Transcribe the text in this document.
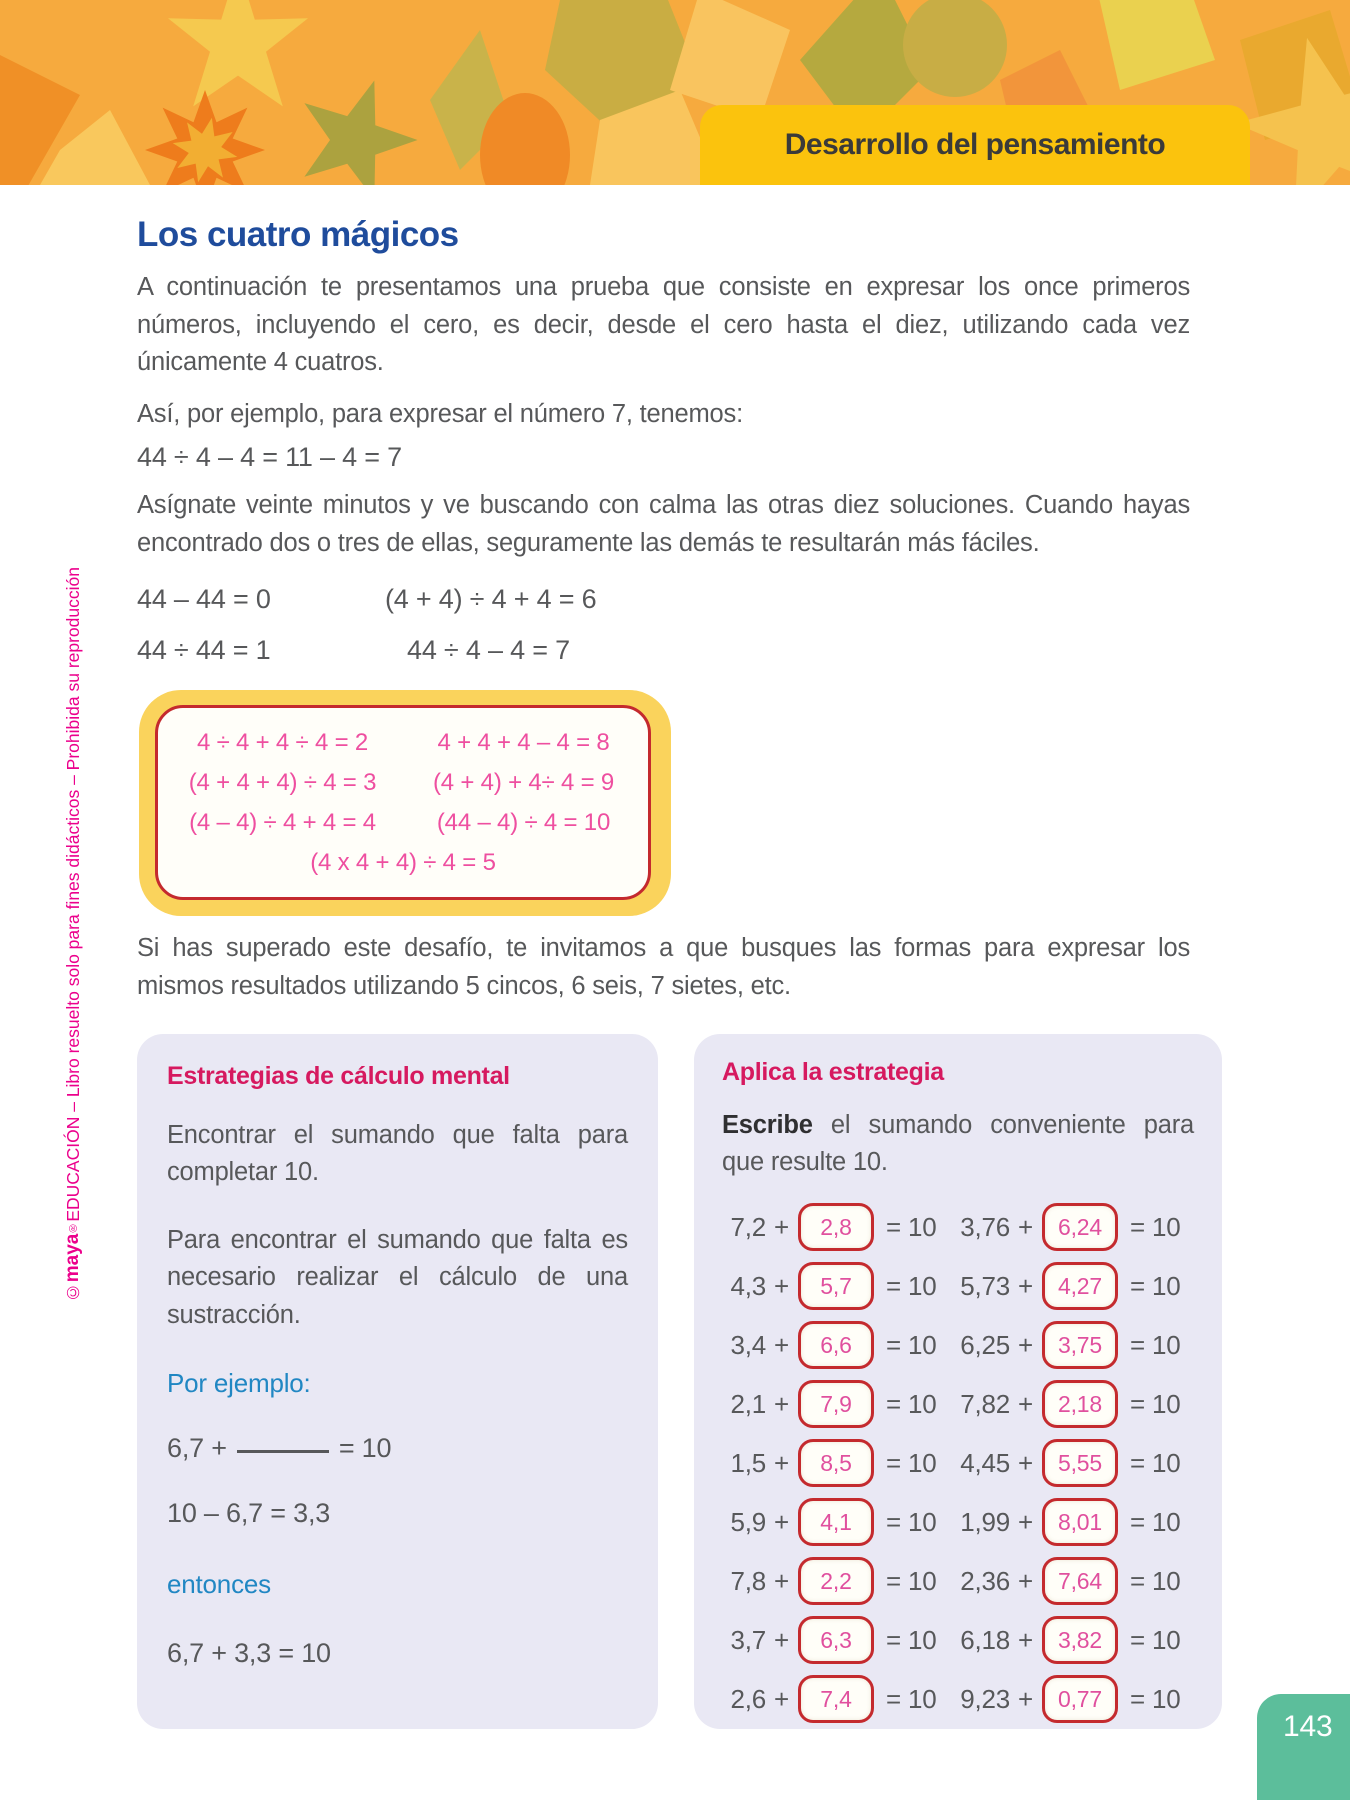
Desarrollo del pensamiento
©maya®EDUCACIÓN – Libro resuelto solo para fines didácticos – Prohibida su reproducción
Los cuatro mágicos
A continuación te presentamos una prueba que consiste en expresar los once primeros números, incluyendo el cero, es decir, desde el cero hasta el diez, utilizando cada vez únicamente 4 cuatros.
Así, por ejemplo, para expresar el número 7, tenemos:
44 ÷ 4 – 4 = 11 – 4 = 7
Asígnate veinte minutos y ve buscando con calma las otras diez soluciones. Cuando hayas encontrado dos o tres de ellas, seguramente las demás te resultarán más fáciles.
44 – 44 = 0	(4 + 4) ÷ 4 + 4 = 6
44 ÷ 44 = 1	44 ÷ 4 – 4 = 7
4 ÷ 4 + 4 ÷ 4 = 2	4 + 4 + 4 – 4 = 8
(4 + 4 + 4) ÷ 4 = 3	(4 + 4) + 4÷ 4 = 9
(4 – 4) ÷ 4 + 4 = 4	(44 – 4) ÷ 4 = 10
(4 x 4 + 4) ÷ 4 = 5
Si has superado este desafío, te invitamos a que busques las formas para expresar los mismos resultados utilizando 5 cincos, 6 seis, 7 sietes, etc.
Estrategias de cálculo mental
Encontrar el sumando que falta para completar 10.
Para encontrar el sumando que falta es necesario realizar el cálculo de una sustracción.
Por ejemplo:
6,7 +	= 10
10 – 6,7 = 3,3
entonces
6,7 + 3,3 = 10
Aplica la estrategia
Escribe el sumando conveniente para que resulte 10.
7,2 + 2,8 = 10 3,76 + 6,24 = 10
4,3 + 5,7 = 10 5,73 + 4,27 = 10
3,4 + 6,6 = 10 6,25 + 3,75 = 10
2,1 + 7,9 = 10 7,82 + 2,18 = 10
1,5 + 8,5 = 10 4,45 + 5,55 = 10
5,9 + 4,1 = 10 1,99 + 8,01 = 10
7,8 + 2,2 = 10 2,36 + 7,64 = 10
3,7 + 6,3 = 10 6,18 + 3,82 = 10
2,6 + 7,4 = 10 9,23 + 0,77 = 10
143
